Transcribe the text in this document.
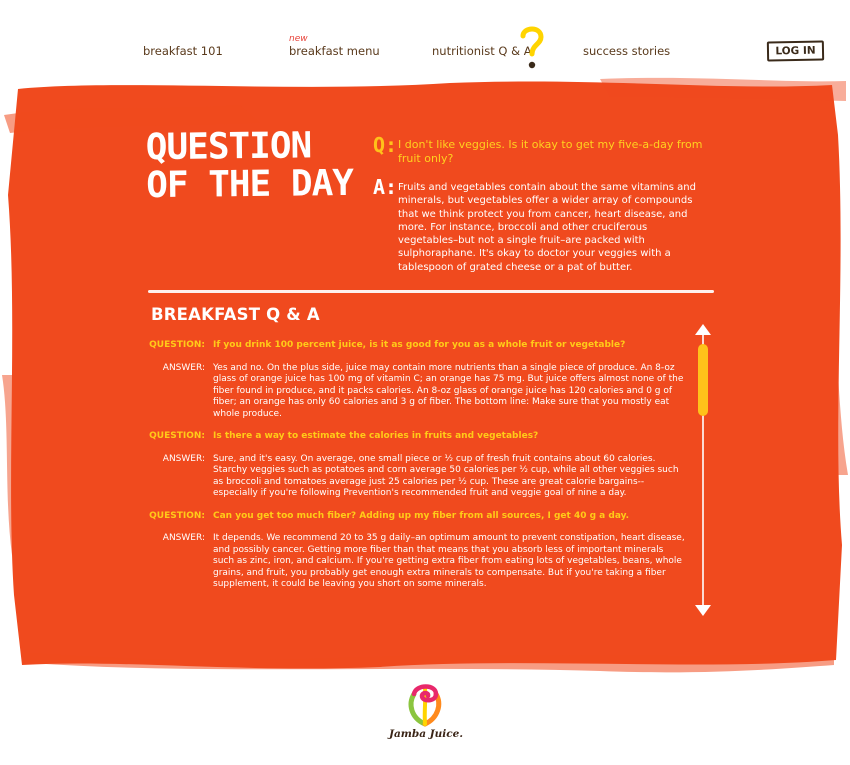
breakfast 101
new
breakfast menu	nutritionist Q & A	success stories	LOG IN
QUESTION
OF THE DAY
Q: I don't like veggies. Is it okay to get my five-a-day from fruit only?
A: Fruits and vegetables contain about the same vitamins and minerals, but vegetables offer a wider array of compounds that we think protect you from cancer, heart disease, and more. For instance, broccoli and other cruciferous vegetables–but not a single fruit–are packed with sulphoraphane. It's okay to doctor your veggies with a tablespoon of grated cheese or a pat of butter.
BREAKFAST Q & A
QUESTION: If you drink 100 percent juice, is it as good for you as a whole fruit or vegetable?
ANSWER: Yes and no. On the plus side, juice may contain more nutrients than a single piece of produce. An 8-oz glass of orange juice has 100 mg of vitamin C; an orange has 75 mg. But juice offers almost none of the fiber found in produce, and it packs calories. An 8-oz glass of orange juice has 120 calories and 0 g of fiber; an orange has only 60 calories and 3 g of fiber. The bottom line: Make sure that you mostly eat whole produce.
QUESTION: Is there a way to estimate the calories in fruits and vegetables?
ANSWER: Sure, and it's easy. On average, one small piece or ½ cup of fresh fruit contains about 60 calories. Starchy veggies such as potatoes and corn average 50 calories per ½ cup, while all other veggies such as broccoli and tomatoes average just 25 calories per ½ cup. These are great calorie bargains--especially if you're following Prevention's recommended fruit and veggie goal of nine a day.
QUESTION: Can you get too much fiber? Adding up my fiber from all sources, I get 40 g a day.
ANSWER: It depends. We recommend 20 to 35 g daily–an optimum amount to prevent constipation, heart disease, and possibly cancer. Getting more fiber than that means that you absorb less of important minerals such as zinc, iron, and calcium. If you're getting extra fiber from eating lots of vegetables, beans, whole grains, and fruit, you probably get enough extra minerals to compensate. But if you're taking a fiber supplement, it could be leaving you short on some minerals.
Jamba Juice.
